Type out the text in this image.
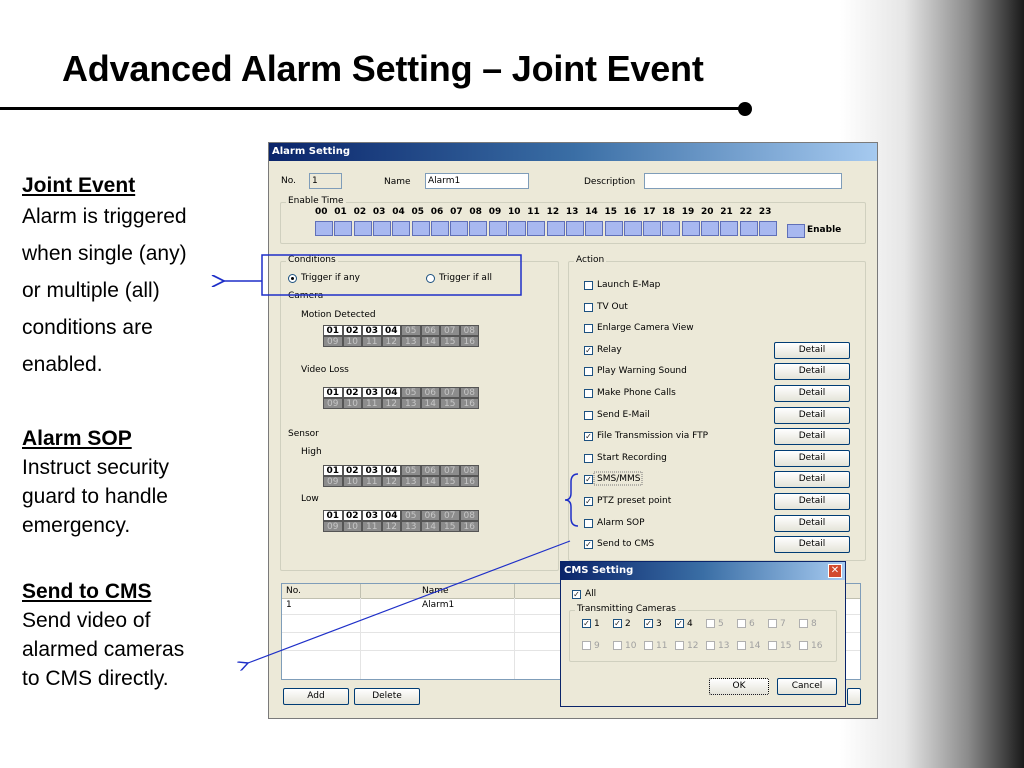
Advanced Alarm Setting – Joint Event
Joint Event
Alarm is triggered
when single (any)
or multiple (all)
conditions are
enabled.
Alarm SOP
Instruct security
guard to handle
emergency.
Send to CMS
Send video of
alarmed cameras
to CMS directly.
Alarm Setting
No.	1	Name	Alarm1	Description
Enable Time
00 01 02 03 04 05 06 07 08 09 10 11 12 13 14 15 16 17 18 19 20 21 22 23
Enable
Conditions
Trigger if any	Trigger if all
Camera
Motion Detected
01 02 03 04 05 06 07 08
09 10 11 12 13 14 15 16
Video Loss
01 02 03 04 05 06 07 08
09 10 11 12 13 14 15 16
Sensor
High
01 02 03 04 05 06 07 08
09 10 11 12 13 14 15 16
Low
01 02 03 04 05 06 07 08
09 10 11 12 13 14 15 16
Action
Launch E-Map
TV Out
Enlarge Camera View
✓ Relay	Detail
Play Warning Sound	Detail
Make Phone Calls	Detail
Send E-Mail	Detail
✓ File Transmission via FTP	Detail
Start Recording	Detail
✓ SMS/MMS	Detail
✓ PTZ preset point	Detail
Alarm SOP	Detail
✓ Send to CMS	Detail
No.	Name
1	Alarm1
Add	Delete
CMS Setting	✕
✓ All
Transmitting Cameras
✓ 1 ✓ 2 ✓ 3 ✓ 4	5	6	7	8
9	10	11	12	13	14	15	16
OK	Cancel
